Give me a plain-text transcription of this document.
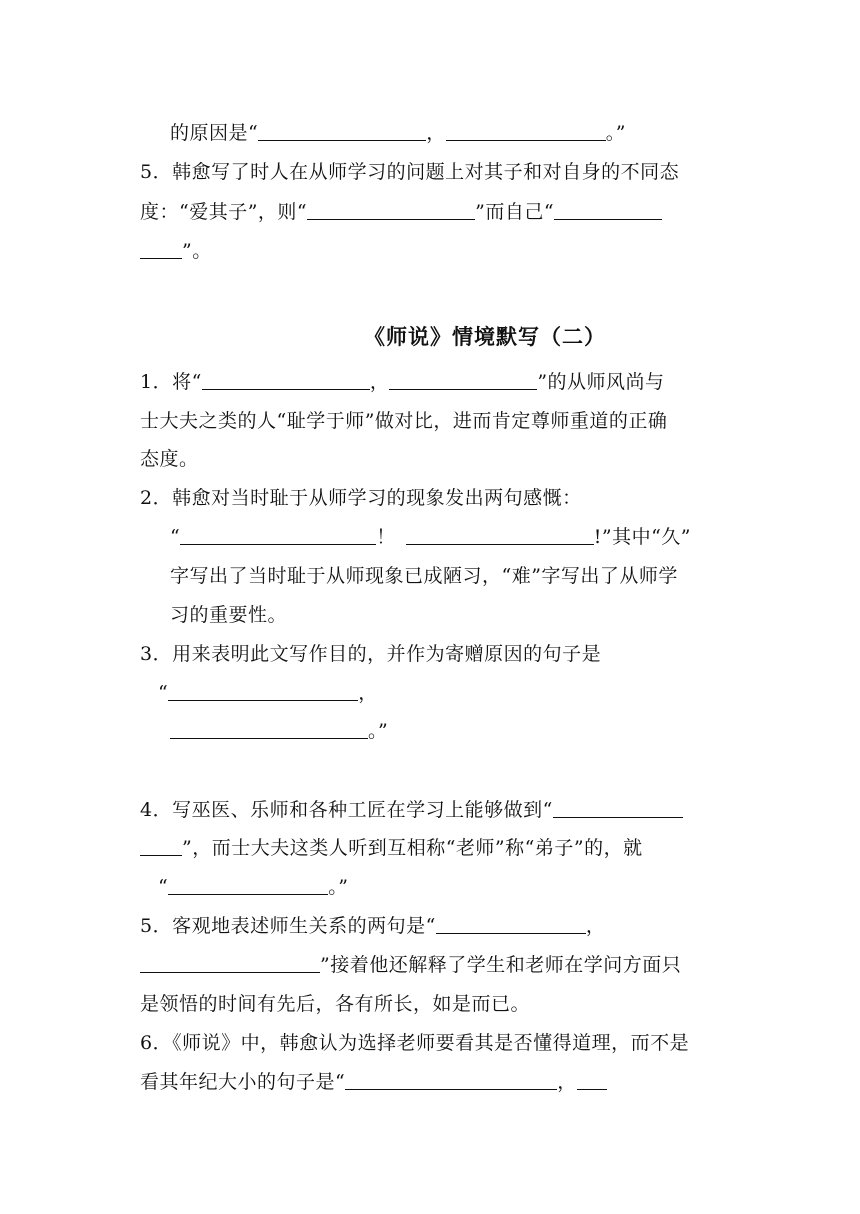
的原因是“	，	。”
5．韩愈写了时人在从师学习的问题上对其子和对自身的不同态
度：“爱其子”，则“	”而自己“
”。
《师说》情境默写（二）
1．将“	，	”的从师风尚与
士大夫之类的人“耻学于师”做对比，进而肯定尊师重道的正确
态度。
2．韩愈对当时耻于从师学习的现象发出两句感慨：
“	！	!”其中“久”
字写出了当时耻于从师现象已成陋习，“难”字写出了从师学
习的重要性。
3．用来表明此文写作目的，并作为寄赠原因的句子是
“	，
。”
4．写巫医、乐师和各种工匠在学习上能够做到“
”，而士大夫这类人听到互相称“老师”称“弟子”的，就
“	。”
5．客观地表述师生关系的两句是“	，
”接着他还解释了学生和老师在学问方面只
是领悟的时间有先后，各有所长，如是而已。
6．《师说》中，韩愈认为选择老师要看其是否懂得道理，而不是
看其年纪大小的句子是“	，
